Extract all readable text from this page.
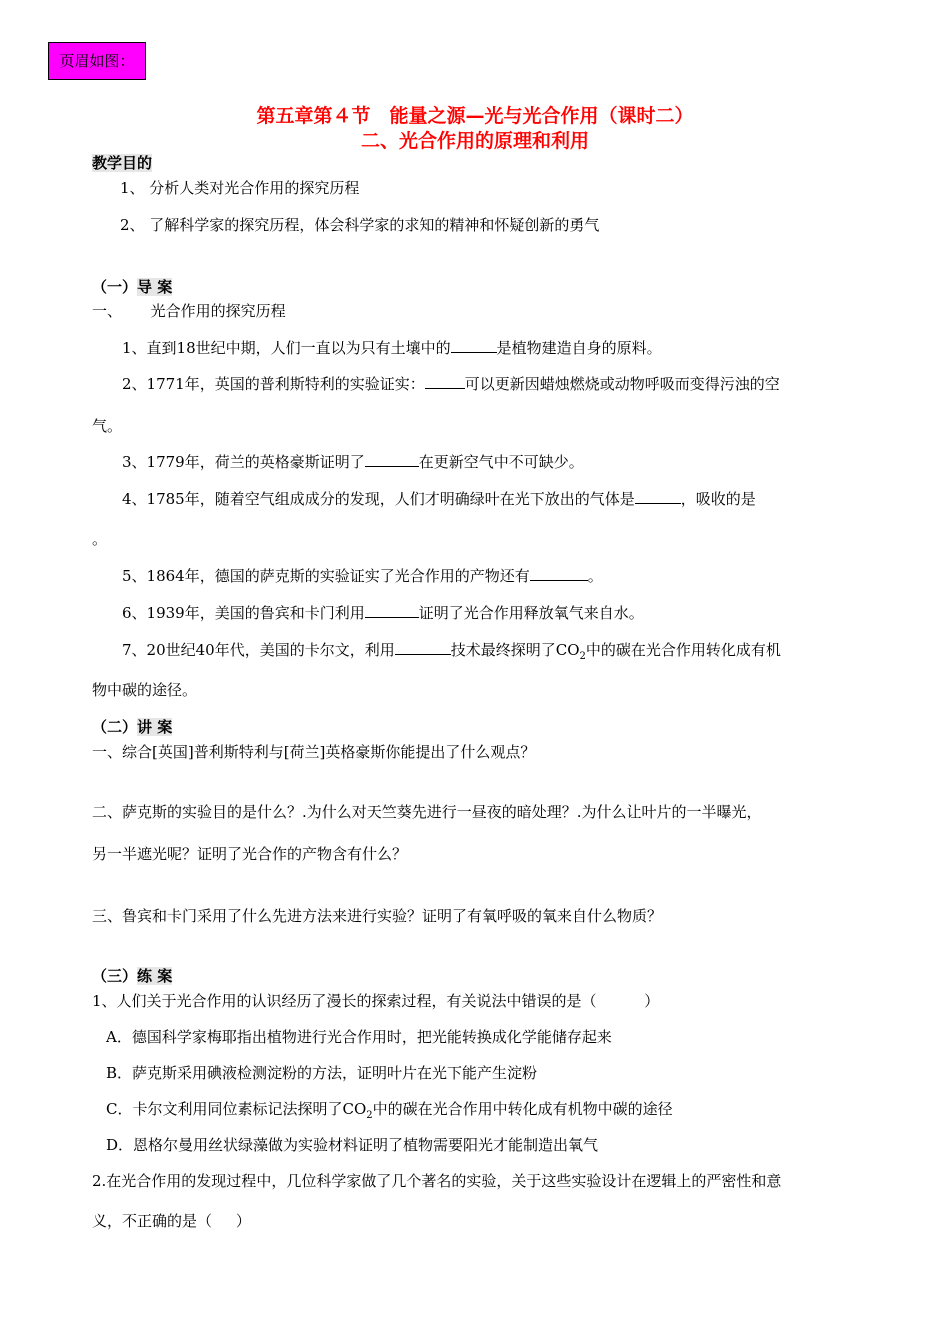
页眉如图：
第五章第４节　能量之源—光与光合作用（课时二）
二、光合作用的原理和利用
教学目的
1、 分析人类对光合作用的探究历程
2、 了解科学家的探究历程，体会科学家的求知的精神和怀疑创新的勇气
（一）导 案
一、      光合作用的探究历程
1、直到18世纪中期，人们一直以为只有土壤中的	是植物建造自身的原料。
2、1771年，英国的普利斯特利的实验证实：	可以更新因蜡烛燃烧或动物呼吸而变得污浊的空
气。
3、1779年，荷兰的英格豪斯证明了	在更新空气中不可缺少。
4、1785年，随着空气组成成分的发现，人们才明确绿叶在光下放出的气体是	，吸收的是
。
5、1864年，德国的萨克斯的实验证实了光合作用的产物还有	。
6、1939年，美国的鲁宾和卡门利用	证明了光合作用释放氧气来自水。
7、20世纪40年代，美国的卡尔文，利用	技术最终探明了$CO_2$中的碳在光合作用转化成有机
物中碳的途径。
（二）讲 案
一、综合[英国]普利斯特利与[荷兰]英格豪斯你能提出了什么观点？
二、萨克斯的实验目的是什么？.为什么对天竺葵先进行一昼夜的暗处理？.为什么让叶片的一半曝光，
另一半遮光呢？证明了光合作的产物含有什么？
三、鲁宾和卡门采用了什么先进方法来进行实验？证明了有氧呼吸的氧来自什么物质？
（三）练 案
1、人们关于光合作用的认识经历了漫长的探索过程，有关说法中错误的是（          ）
A．德国科学家梅耶指出植物进行光合作用时，把光能转换成化学能储存起来
B．萨克斯采用碘液检测淀粉的方法，证明叶片在光下能产生淀粉
C．卡尔文利用同位素标记法探明了$CO_2$中的碳在光合作用中转化成有机物中碳的途径
D．恩格尔曼用丝状绿藻做为实验材料证明了植物需要阳光才能制造出氧气
2.在光合作用的发现过程中，几位科学家做了几个著名的实验，关于这些实验设计在逻辑上的严密性和意
义，不正确的是（     ）
